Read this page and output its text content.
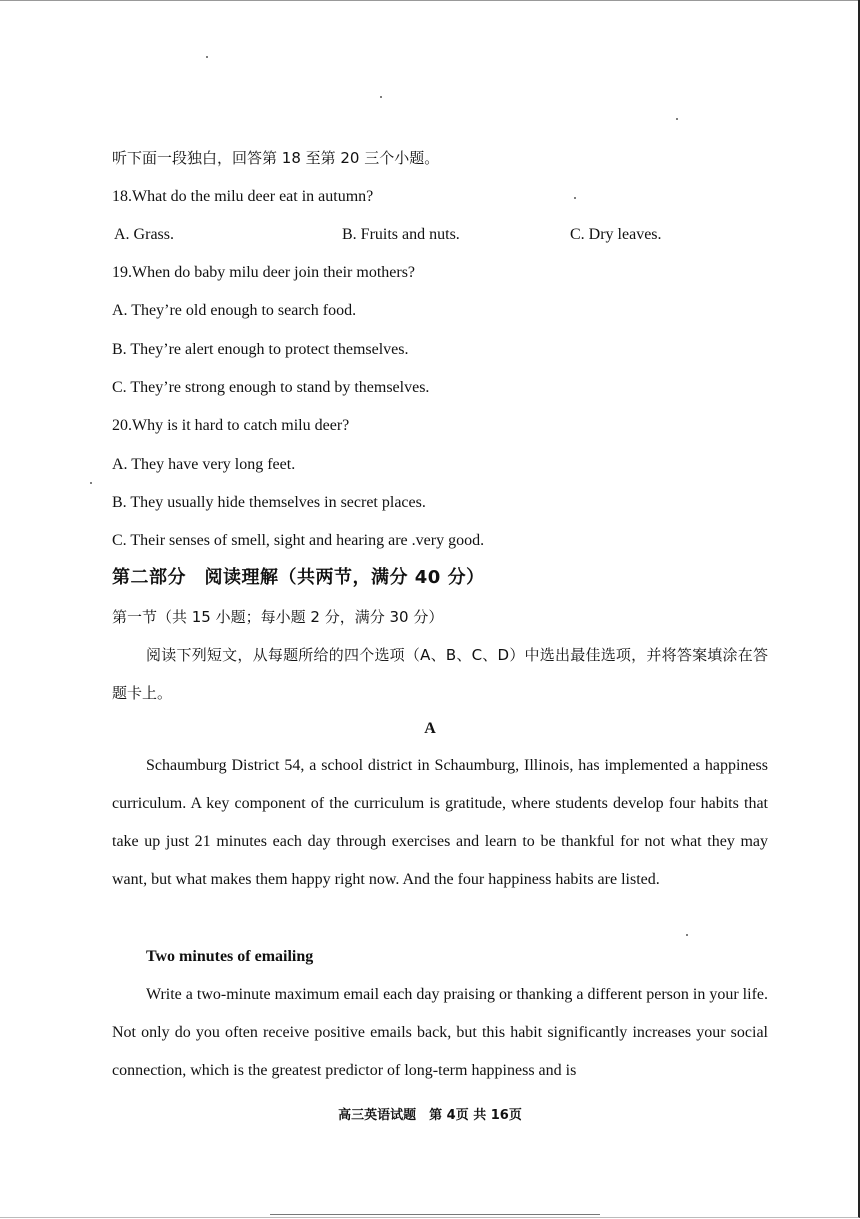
听下面一段独白，回答第 18 至第 20 三个小题。
18.What do the milu deer eat in autumn?
A. Grass.	B. Fruits and nuts.	C. Dry leaves.
19.When do baby milu deer join their mothers?
A. They’re old enough to search food.
B. They’re alert enough to protect themselves.
C. They’re strong enough to stand by themselves.
20.Why is it hard to catch milu deer?
A. They have very long feet.
B. They usually hide themselves in secret places.
C. Their senses of smell, sight and hearing are .very good.
第二部分　阅读理解（共两节，满分 40 分）
第一节（共 15 小题；每小题 2 分，满分 30 分）

阅读下列短文，从每题所给的四个选项（A、B、C、D）中选出最佳选项，并将答案填涂在答题卡上。

A

Schaumburg District 54, a school district in Schaumburg, Illinois, has implemented a happiness curriculum. A key component of the curriculum is gratitude, where students develop four habits that take up just 21 minutes each day through exercises and learn to be thankful for not what they may want, but what makes them happy right now. And the four happiness habits are listed.

Two minutes of emailing

Write a two-minute maximum email each day praising or thanking a different person in your life. Not only do you often receive positive emails back, but this habit significantly increases your social connection, which is the greatest predictor of long-term happiness and is

高三英语试题　第 4页 共 16页
